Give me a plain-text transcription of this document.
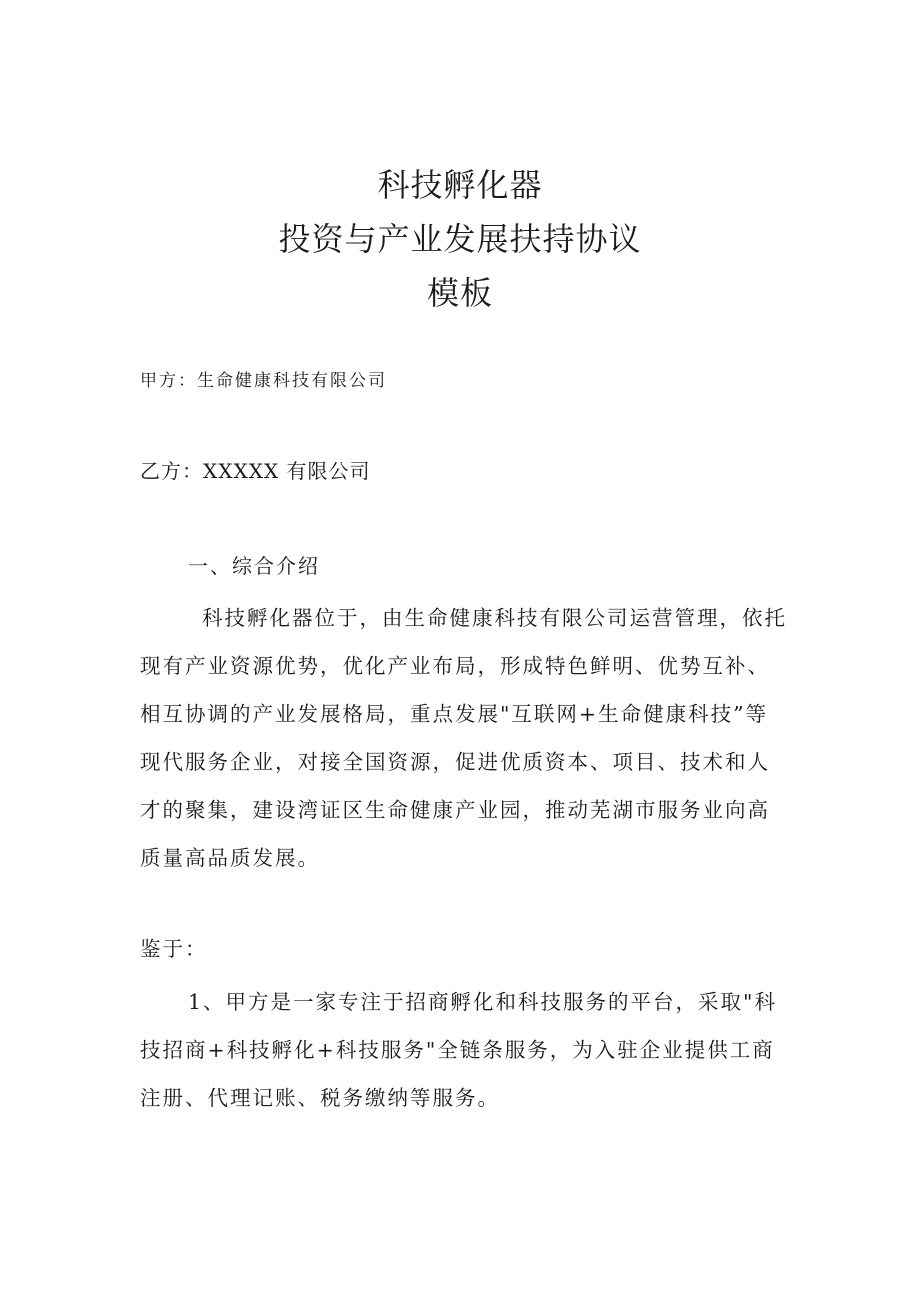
科技孵化器
投资与产业发展扶持协议
模板
甲方：生命健康科技有限公司
乙方：XXXXX 有限公司
一、综合介绍
科技孵化器位于，由生命健康科技有限公司运营管理，依托
现有产业资源优势，优化产业布局，形成特色鲜明、优势互补、
相互协调的产业发展格局，重点发展"互联网+生命健康科技”等
现代服务企业，对接全国资源，促进优质资本、项目、技术和人
才的聚集，建设湾证区生命健康产业园，推动芜湖市服务业向高
质量高品质发展。
鉴于：
1、甲方是一家专注于招商孵化和科技服务的平台，采取"科
技招商+科技孵化+科技服务"全链条服务，为入驻企业提供工商
注册、代理记账、税务缴纳等服务。
